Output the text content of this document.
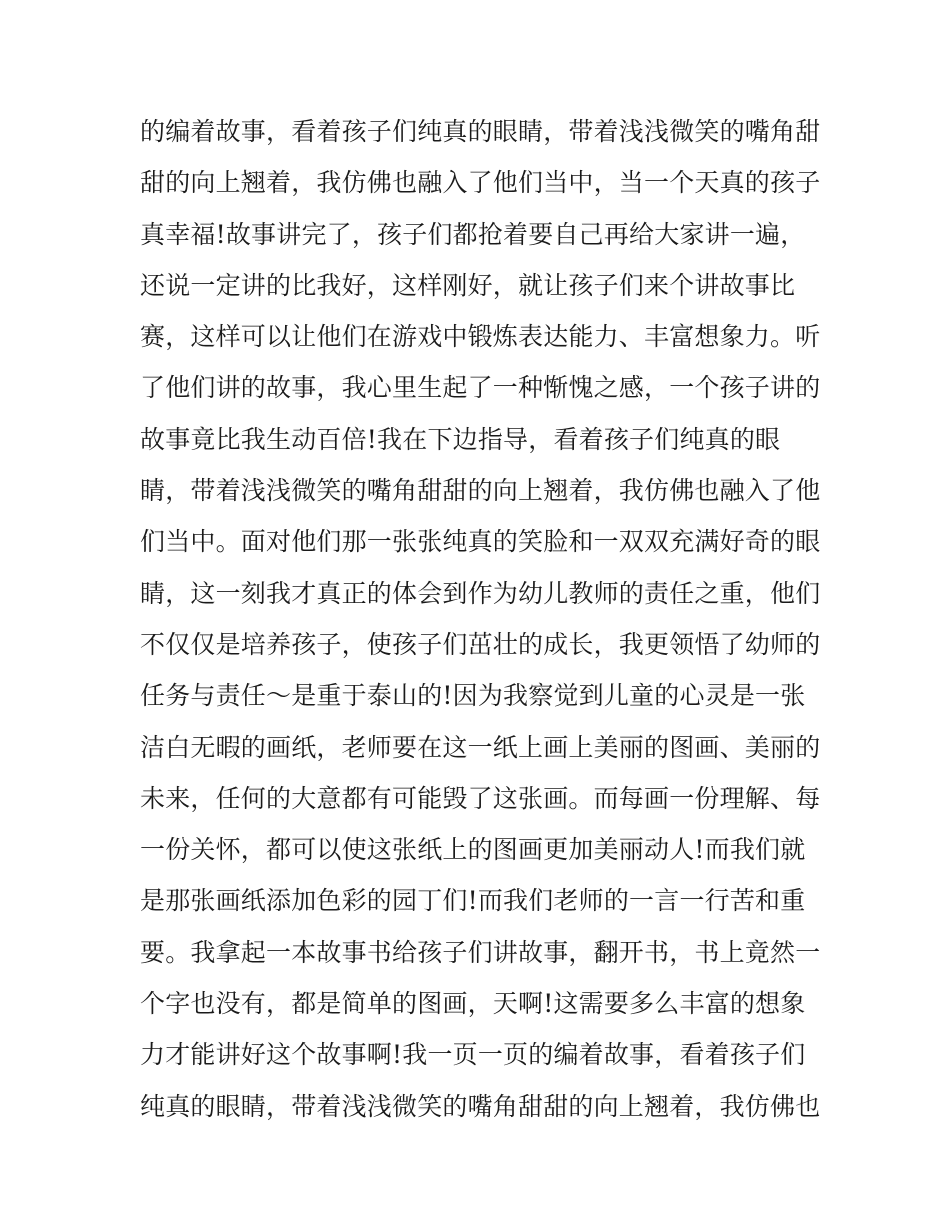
的编着故事，看着孩子们纯真的眼睛，带着浅浅微笑的嘴角甜
甜的向上翘着，我仿佛也融入了他们当中，当一个天真的孩子
真幸福!故事讲完了，孩子们都抢着要自己再给大家讲一遍，
还说一定讲的比我好，这样刚好，就让孩子们来个讲故事比
赛，这样可以让他们在游戏中锻炼表达能力、丰富想象力。听
了他们讲的故事，我心里生起了一种惭愧之感，一个孩子讲的
故事竟比我生动百倍!我在下边指导，看着孩子们纯真的眼
睛，带着浅浅微笑的嘴角甜甜的向上翘着，我仿佛也融入了他
们当中。面对他们那一张张纯真的笑脸和一双双充满好奇的眼
睛，这一刻我才真正的体会到作为幼儿教师的责任之重，他们
不仅仅是培养孩子，使孩子们茁壮的成长，我更领悟了幼师的
任务与责任～是重于泰山的!因为我察觉到儿童的心灵是一张
洁白无暇的画纸，老师要在这一纸上画上美丽的图画、美丽的
未来，任何的大意都有可能毁了这张画。而每画一份理解、每
一份关怀，都可以使这张纸上的图画更加美丽动人!而我们就
是那张画纸添加色彩的园丁们!而我们老师的一言一行苦和重
要。我拿起一本故事书给孩子们讲故事，翻开书，书上竟然一
个字也没有，都是简单的图画，天啊!这需要多么丰富的想象
力才能讲好这个故事啊!我一页一页的编着故事，看着孩子们
纯真的眼睛，带着浅浅微笑的嘴角甜甜的向上翘着，我仿佛也
